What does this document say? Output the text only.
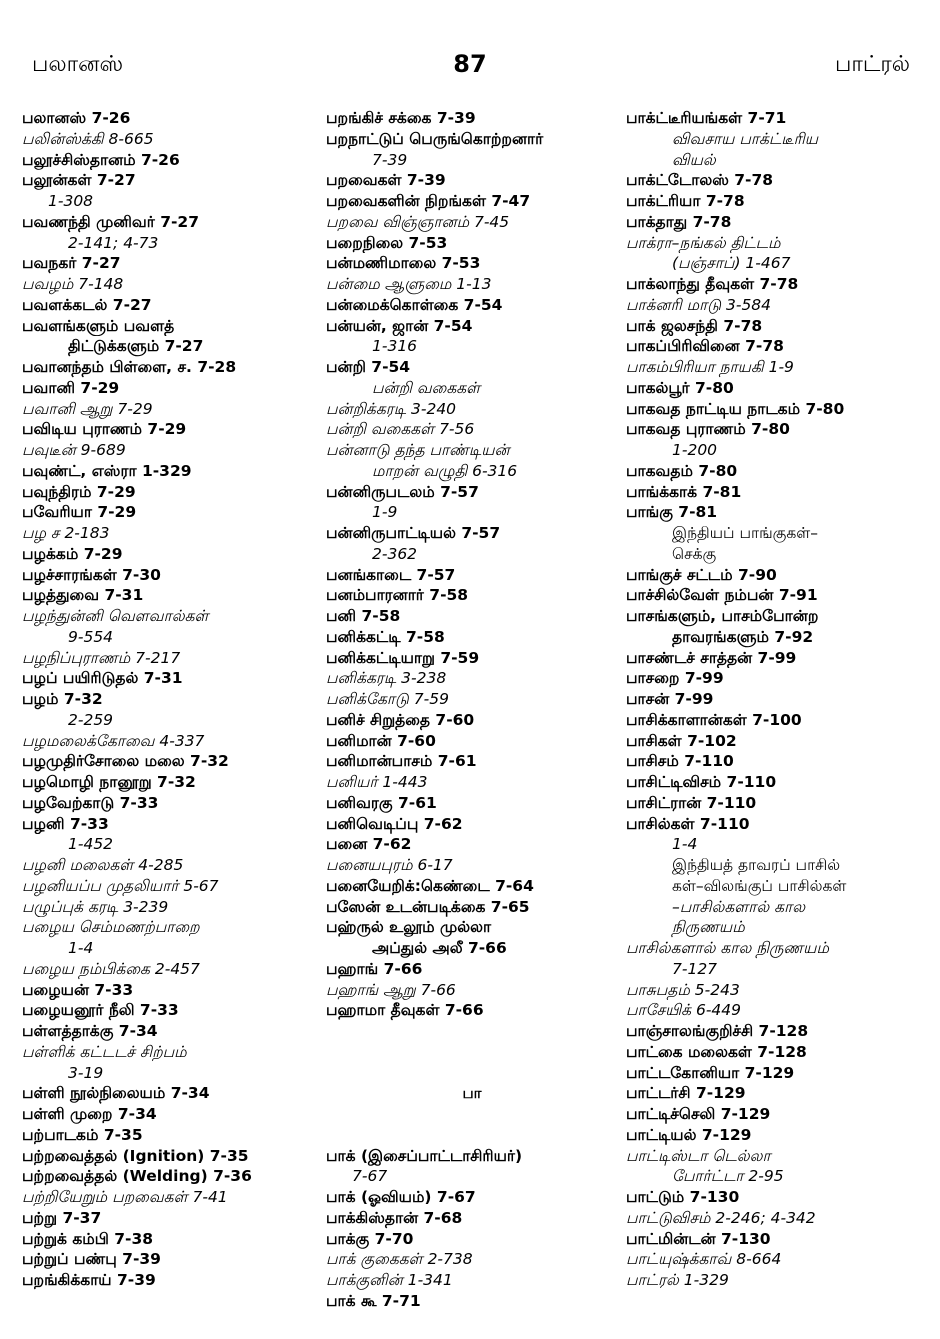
பலானஸ்	87	பாட்ரல்
பலானஸ் 7-26
பலின்ஸ்க்கி 8-665
பலூச்சிஸ்தானம் 7-26
பலூன்கள் 7-27
1-308
பவணந்தி முனிவர் 7-27
2-141; 4-73
பவநகர் 7-27
பவழம் 7-148
பவளக்கடல் 7-27
பவளங்களும் பவளத்
திட்டுக்களும் 7-27
பவானந்தம் பிள்ளை, ச. 7-28
பவானி 7-29
பவானி ஆறு 7-29
பவிடிய புராணம் 7-29
பவுடீன் 9-689
பவுண்ட், எஸ்ரா 1-329
பவுந்திரம் 7-29
பவேரியா 7-29
பழ ச 2-183
பழக்கம் 7-29
பழச்சாரங்கள் 7-30
பழத்துவை 7-31
பழந்துன்னி வௌவால்கள்
9-554
பழநிப்புராணம் 7-217
பழப் பயிரிடுதல் 7-31
பழம் 7-32
2-259
பழமலைக்கோவை 4-337
பழமுதிர்சோலை மலை 7-32
பழமொழி நானூறு 7-32
பழவேற்காடு 7-33
பழனி 7-33
1-452
பழனி மலைகள் 4-285
பழனியப்ப முதலியார் 5-67
பழுப்புக் கரடி 3-239
பழைய செம்மணற்பாறை
1-4
பழைய நம்பிக்கை 2-457
பழையன் 7-33
பழையனூர் நீலி 7-33
பள்ளத்தாக்கு 7-34
பள்ளிக் கட்டடச் சிற்பம்
3-19
பள்ளி நூல்நிலையம் 7-34
பள்ளி முறை 7-34
பற்பாடகம் 7-35
பற்றவைத்தல் (Ignition) 7-35
பற்றவைத்தல் (Welding) 7-36
பற்றியேறும் பறவைகள் 7-41
பற்று 7-37
பற்றுக் கம்பி 7-38
பற்றுப் பண்பு 7-39
பறங்கிக்காய் 7-39
பறங்கிச் சக்கை 7-39
பறநாட்டுப் பெருங்கொற்றனார்
7-39
பறவைகள் 7-39
பறவைகளின் நிறங்கள் 7-47
பறவை விஞ்ஞானம் 7-45
பறைநிலை 7-53
பன்மணிமாலை 7-53
பன்மை ஆளுமை 1-13
பன்மைக்கொள்கை 7-54
பன்யன், ஜான் 7-54
1-316
பன்றி 7-54
பன்றி வகைகள்
பன்றிக்கரடி 3-240
பன்றி வகைகள் 7-56
பன்னாடு தந்த பாண்டியன்
மாறன் வழுதி 6-316
பன்னிருபடலம் 7-57
1-9
பன்னிருபாட்டியல் 7-57
2-362
பனங்காடை 7-57
பனம்பாரனார் 7-58
பனி 7-58
பனிக்கட்டி 7-58
பனிக்கட்டியாறு 7-59
பனிக்கரடி 3-238
பனிக்கோடு 7-59
பனிச் சிறுத்தை 7-60
பனிமான் 7-60
பனிமான்பாசம் 7-61
பனியர் 1-443
பனிவரகு 7-61
பனிவெடிப்பு 7-62
பனை 7-62
பனையபுரம் 6-17
பனையேறிக்:கெண்டை 7-64
பஸேன் உடன்படிக்கை 7-65
பஹ்ருல் உலூம் முல்லா
அப்துல் அலீ 7-66
பஹாங் 7-66
பஹாங் ஆறு 7-66
பஹாமா தீவுகள் 7-66
பா
பாக் (இசைப்பாட்டாசிரியர்)
7-67
பாக் (ஓவியம்) 7-67
பாக்கிஸ்தான் 7-68
பாக்கு 7-70
பாக் குகைகள் 2-738
பாக்குனின் 1-341
பாக் கூ 7-71
பாக்ட்டீரியங்கள் 7-71
விவசாய பாக்ட்டீரிய
வியல்
பாக்ட்டோலஸ் 7-78
பாக்ட்ரியா 7-78
பாக்தாது 7-78
பாக்ரா–நங்கல் திட்டம்
(பஞ்சாப்) 1-467
பாக்லாந்து தீவுகள் 7-78
பாக்னரி மாடு 3-584
பாக் ஜலசந்தி 7-78
பாகப்பிரிவினை 7-78
பாகம்பிரியா நாயகி 1-9
பாகல்பூர் 7-80
பாகவத நாட்டிய நாடகம் 7-80
பாகவத புராணம் 7-80
1-200
பாகவதம் 7-80
பாங்க்காக் 7-81
பாங்கு 7-81
இந்தியப் பாங்குகள்–
செக்கு
பாங்குச் சட்டம் 7-90
பாச்சில்வேள் நம்பன் 7-91
பாசங்களும், பாசம்போன்ற
தாவரங்களும் 7-92
பாசண்டச் சாத்தன் 7-99
பாசறை 7-99
பாசன் 7-99
பாசிக்காளான்கள் 7-100
பாசிகள் 7-102
பாசிசம் 7-110
பாசிட்டிவிசம் 7-110
பாசிட்ரான் 7-110
பாசில்கள் 7-110
1-4
இந்தியத் தாவரப் பாசில்
கள்–விலங்குப் பாசில்கள்
–பாசில்களால் கால
நிருணயம்
பாசில்களால் கால நிருணயம்
7-127
பாசுபதம் 5-243
பாசேயிக் 6-449
பாஞ்சாலங்குறிச்சி 7-128
பாட்கை மலைகள் 7-128
பாட்டகோனியா 7-129
பாட்டர்சி 7-129
பாட்டிச்செலி 7-129
பாட்டியல் 7-129
பாட்டிஸ்டா டெல்லா
போர்ட்டா 2-95
பாட்டும் 7-130
பாட்டுவிசம் 2-246; 4-342
பாட்மின்டன் 7-130
பாட்யுஷ்க்காவ் 8-664
பாட்ரல் 1-329
